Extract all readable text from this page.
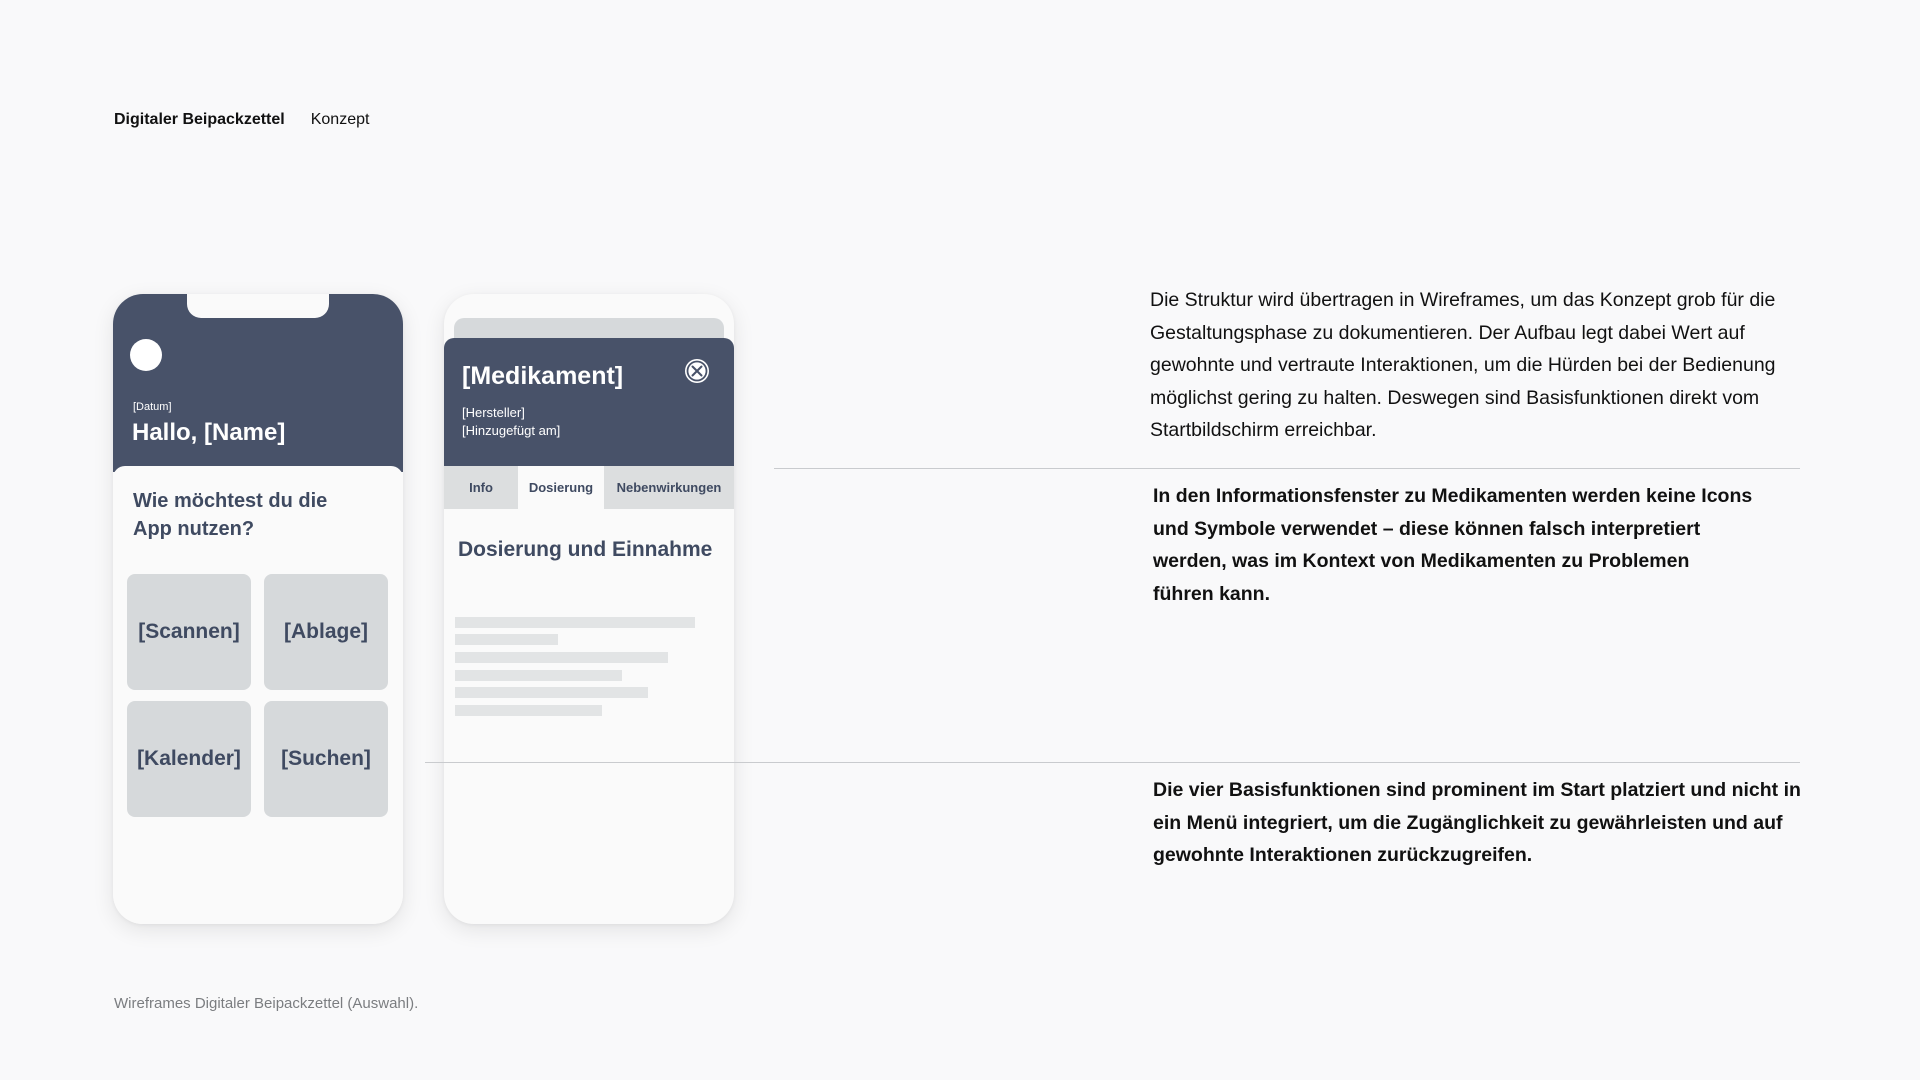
Digitaler Beipackzettel Konzept
[Datum]
Hallo, [Name]
Wie möchtest du die App nutzen?
[Scannen]	[Ablage]
[Kalender]	[Suchen]
[Medikament]
[Hersteller]
[Hinzugefügt am]
Info	Dosierung	Nebenwirkungen
Dosierung und Einnahme

Die Struktur wird übertragen in Wireframes, um das Konzept grob für die Gestaltungsphase zu dokumentieren. Der Aufbau legt dabei Wert auf gewohnte und vertraute Interaktionen, um die Hürden bei der Bedienung möglichst gering zu halten. Deswegen sind Basisfunktionen direkt vom Startbildschirm erreichbar.

In den Informationsfenster zu Medikamenten werden keine Icons und Symbole verwendet – diese können falsch interpretiert werden, was im Kontext von Medikamenten zu Problemen führen kann.

Die vier Basisfunktionen sind prominent im Start platziert und nicht in ein Menü integriert, um die Zugänglichkeit zu gewährleisten und auf gewohnte Interaktionen zurückzugreifen.

Wireframes Digitaler Beipackzettel (Auswahl).
